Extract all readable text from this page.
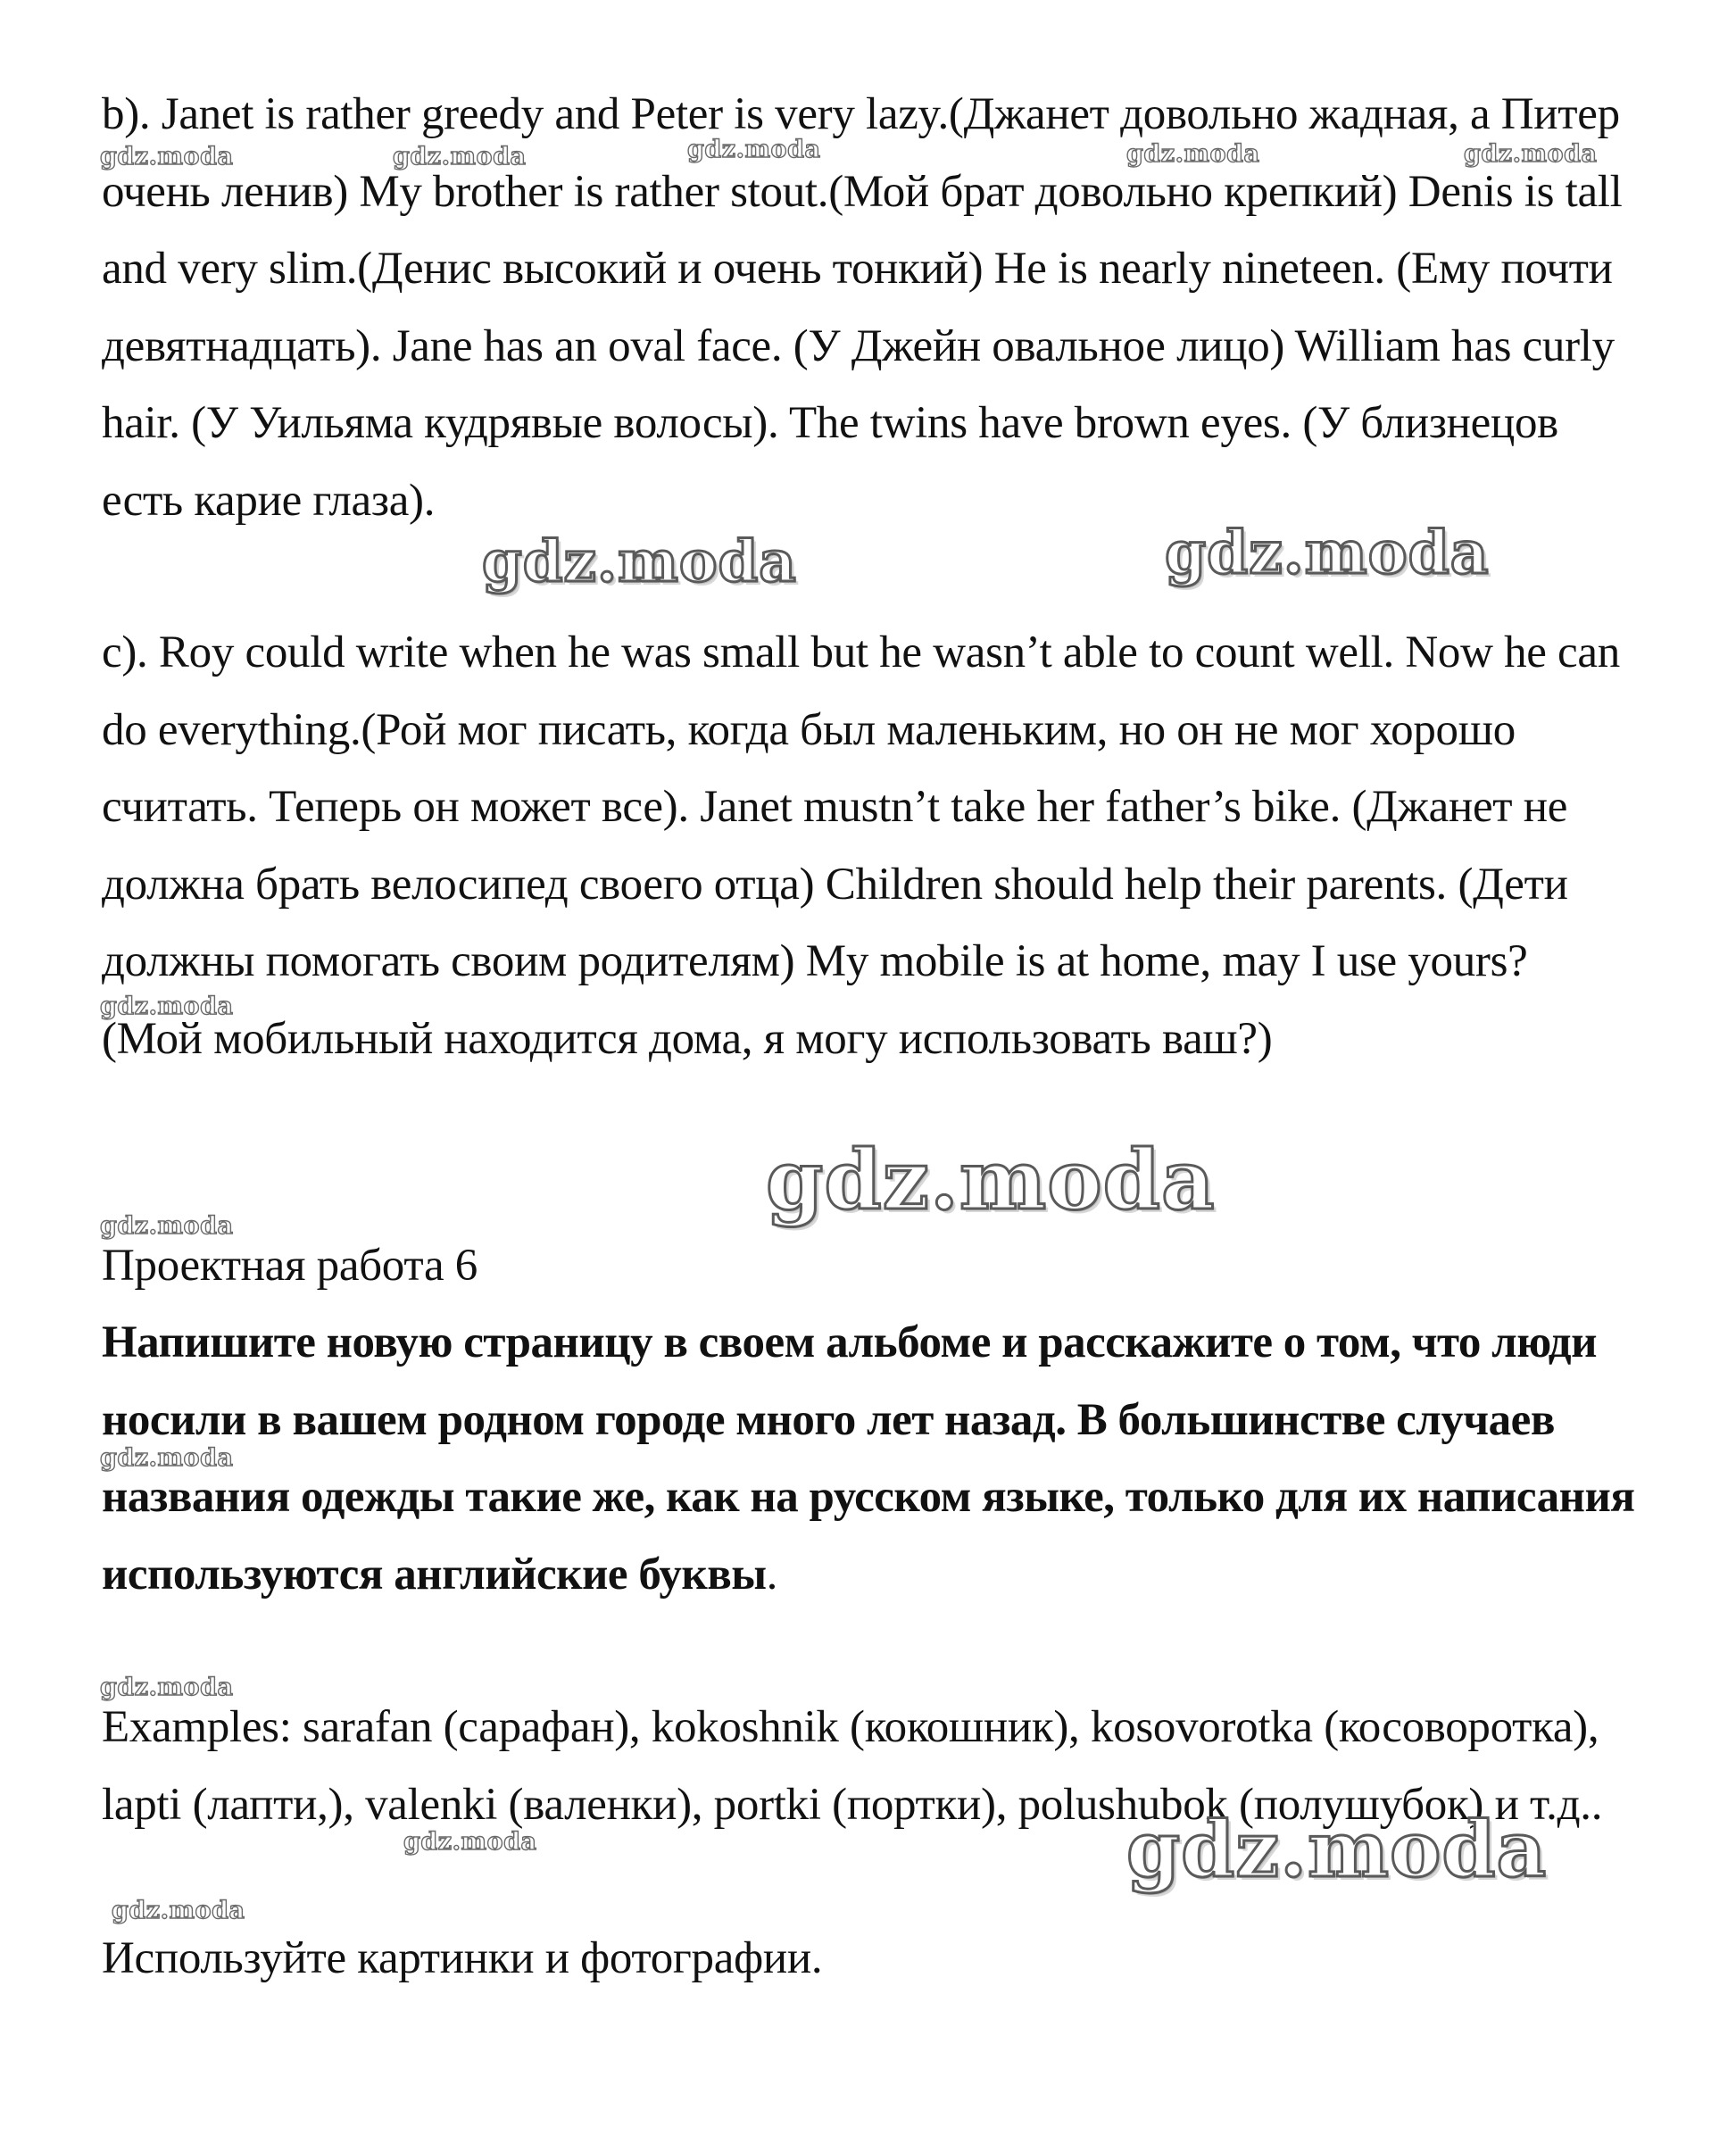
b). Janet is rather greedy and Peter is very lazy.(Джанет довольно жадная, а Питер очень ленив) My brother is rather stout.(Мой брат довольно крепкий) Denis is tall and very slim.(Денис высокий и очень тонкий) He is nearly nineteen. (Ему почти девятнадцать). Jane has an oval face. (У Джейн овальное лицо) William has curly hair. (У Уильяма кудрявые волосы). The twins have brown eyes. (У близнецов есть карие глаза).
c). Roy could write when he was small but he wasn’t able to count well. Now he can do everything.(Рой мог писать, когда был маленьким, но он не мог хорошо считать. Теперь он может все). Janet mustn’t take her father’s bike. (Джанет не должна брать велосипед своего отца) Children should help their parents. (Дети должны помогать своим родителям) My mobile is at home, may I use yours? (Мой мобильный находится дома, я могу использовать ваш?)
Проектная работа 6
Напишите новую страницу в своем альбоме и расскажите о том, что люди носили в вашем родном городе много лет назад. В большинстве случаев названия одежды такие же, как на русском языке, только для их написания используются английские буквы.
Examples: sarafan (сарафан), kokoshnik (кокошник), kosovorotka (косоворотка), lapti (лапти,), valenki (валенки), portki (портки), polushubok (полушубок) и т.д..
Используйте картинки и фотографии.
gdz.moda	gdz.moda	gdz.moda	gdz.moda	gdz.moda
gdz.moda	gdz.moda
gdz.moda
gdz.moda
gdz.moda
gdz.moda
gdz.moda
gdz.moda
gdz.moda
gdz.moda
